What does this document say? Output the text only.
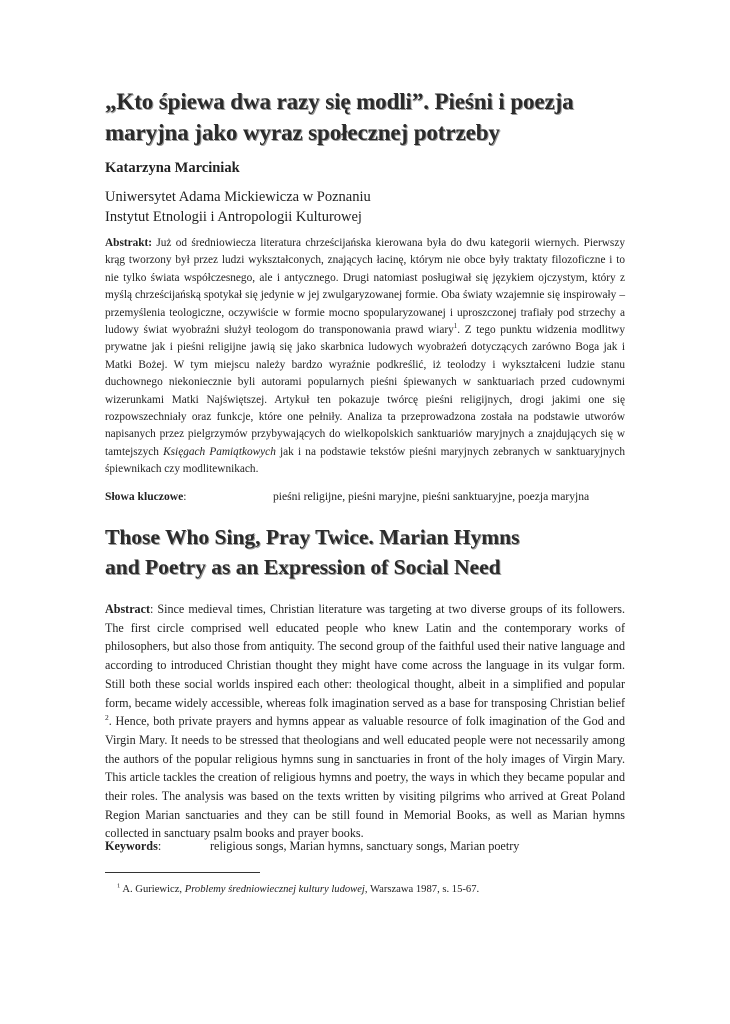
„Kto śpiewa dwa razy się modli”. Pieśni i poezja
maryjna jako wyraz społecznej potrzeby

Katarzyna Marciniak

Uniwersytet Adama Mickiewicza w Poznaniu
Instytut Etnologii i Antropologii Kulturowej

Abstrakt: Już od średniowiecza literatura chrześcijańska kierowana była do dwu kategorii wiernych. Pierwszy krąg tworzony był przez ludzi wykształconych, znających łacinę, którym nie obce były traktaty filozoficzne i to nie tylko świata współczesnego, ale i antycznego. Drugi natomiast posługiwał się językiem ojczystym, który z myślą chrześcijańską spotykał się jedynie w jej zwulgaryzowanej formie. Oba światy wzajemnie się inspirowały – przemyślenia teologiczne, oczywiście w formie mocno spopularyzowanej i uproszczonej trafiały pod strzechy a ludowy świat wyobraźni służył teologom do transponowania prawd wiary$^1$. Z tego punktu widzenia modlitwy prywatne jak i pieśni religijne jawią się jako skarbnica ludowych wyobrażeń dotyczących zarówno Boga jak i Matki Bożej. W tym miejscu należy bardzo wyraźnie podkreślić, iż teolodzy i wykształceni ludzie stanu duchownego niekoniecznie byli autorami popularnych pieśni śpiewanych w sanktuariach przed cudownymi wizerunkami Matki Najświętszej. Artykuł ten pokazuje twórcę pieśni religijnych, drogi jakimi one się rozpowszechniały oraz funkcje, które one pełniły. Analiza ta przeprowadzona została na podstawie utworów napisanych przez pielgrzymów przybywających do wielkopolskich sanktuariów maryjnych a znajdujących się w tamtejszych Księgach Pamiątkowych jak i na podstawie tekstów pieśni maryjnych zebranych w sanktuaryjnych śpiewnikach czy modlitewnikach.

Słowa kluczowe:	pieśni religijne, pieśni maryjne, pieśni sanktuaryjne, poezja maryjna
Those Who Sing, Pray Twice. Marian Hymns
and Poetry as an Expression of Social Need

Abstract: Since medieval times, Christian literature was targeting at two diverse groups of its followers. The first circle comprised well educated people who knew Latin and the contemporary works of philosophers, but also those from antiquity. The second group of the faithful used their native language and according to introduced Christian thought they might have come across the language in its vulgar form. Still both these social worlds inspired each other: theological thought, albeit in a simplified and popular form, became widely accessible, whereas folk imagination served as a base for transposing Christian belief $^2$. Hence, both private prayers and hymns appear as valuable resource of folk imagination of the God and Virgin Mary. It needs to be stressed that theologians and well educated people were not necessarily among the authors of the popular religious hymns sung in sanctuaries in front of the holy images of Virgin Mary. This article tackles the creation of religious hymns and poetry, the ways in which they became popular and their roles. The analysis was based on the texts written by visiting pilgrims who arrived at Great Poland Region Marian sanctuaries and they can be still found in Memorial Books, as well as Marian hymns collected in sanctuary psalm books and prayer books.

Keywords:	religious songs, Marian hymns, sanctuary songs, Marian poetry
$^1$ A. Guriewicz, Problemy średniowiecznej kultury ludowej, Warszawa 1987, s. 15-67.
